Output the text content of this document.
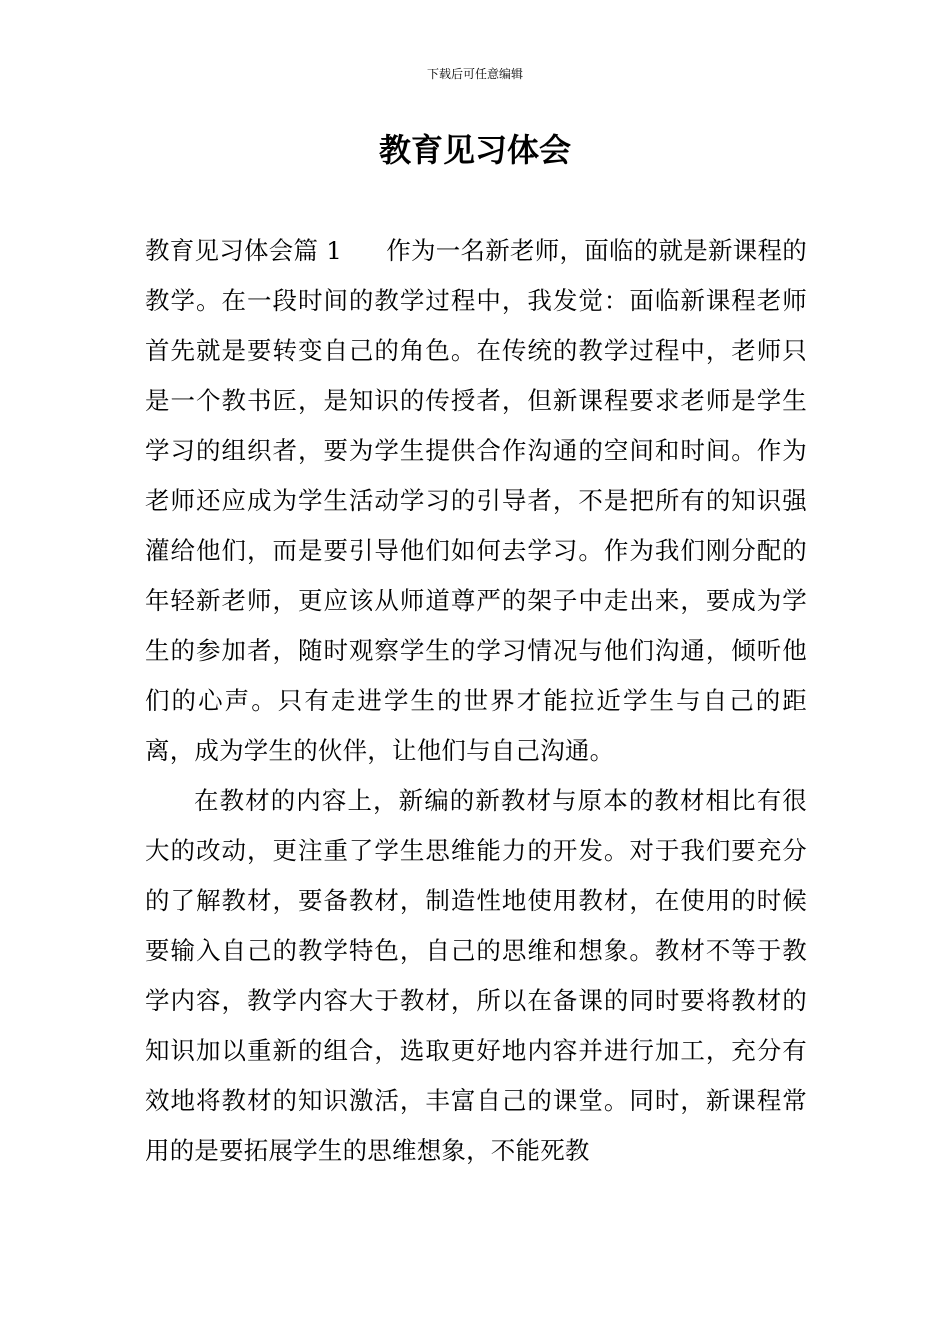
下载后可任意编辑
教育见习体会

教育见习体会篇 1 作为一名新老师，面临的就是新课程的教学。在一段时间的教学过程中，我发觉：面临新课程老师首先就是要转变自己的角色。在传统的教学过程中，老师只是一个教书匠，是知识的传授者，但新课程要求老师是学生学习的组织者，要为学生提供合作沟通的空间和时间。作为老师还应成为学生活动学习的引导者，不是把所有的知识强灌给他们，而是要引导他们如何去学习。作为我们刚分配的年轻新老师，更应该从师道尊严的架子中走出来，要成为学生的参加者，随时观察学生的学习情况与他们沟通，倾听他们的心声。只有走进学生的世界才能拉近学生与自己的距离，成为学生的伙伴，让他们与自己沟通。

在教材的内容上，新编的新教材与原本的教材相比有很大的改动，更注重了学生思维能力的开发。对于我们要充分的了解教材，要备教材，制造性地使用教材，在使用的时候要输入自己的教学特色，自己的思维和想象。教材不等于教学内容，教学内容大于教材，所以在备课的同时要将教材的知识加以重新的组合，选取更好地内容并进行加工，充分有效地将教材的知识激活，丰富自己的课堂。同时，新课程常用的是要拓展学生的思维想象，不能死教
